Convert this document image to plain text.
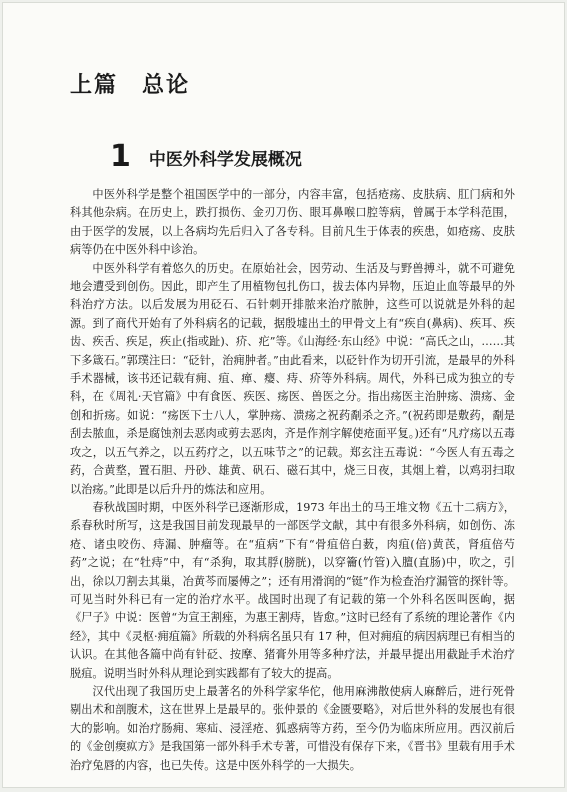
上篇　总论
1 中医外科学发展概况

中医外科学是整个祖国医学中的一部分，内容丰富，包括疮疡、皮肤病、肛门病和外科其他杂病。在历史上，跌打损伤、金刃刀伤、眼耳鼻喉口腔等病，曾属于本学科范围，由于医学的发展，以上各病均先后归入了各专科。目前凡生于体表的疾患，如疮疡、皮肤病等仍在中医外科中诊治。

中医外科学有着悠久的历史。在原始社会，因劳动、生活及与野兽搏斗，就不可避免地会遭受到创伤。因此，即产生了用植物包扎伤口，拔去体内异物，压迫止血等最早的外科治疗方法。以后发展为用砭石、石针刺开排脓来治疗脓肿，这些可以说就是外科的起源。到了商代开始有了外科病名的记载，据殷墟出土的甲骨文上有“疾自(鼻病)、疾耳、疾齿、疾舌、疾足，疾止(指或趾)、疥、疕”等。《山海经·东山经》中说：“高氏之山，……其下多箴石。”郭璞注曰：“砭针，治痈肿者。”由此看来，以砭针作为切开引流，是最早的外科手术器械，该书还记载有痈、疽、瘅、瘿、痔、疥等外科病。周代，外科已成为独立的专科，在《周礼·天官篇》中有食医、疾医、疡医、兽医之分。指出疡医主治肿疡、溃疡、金创和折疡。如说：“疡医下士八人，掌肿疡、溃疡之祝药劀杀之齐。”(祝药即是敷药，劀是刮去脓血，杀是腐蚀剂去恶肉或剪去恶肉，齐是作剂字解使疮面平复。)还有“凡疗疡以五毒攻之，以五气养之，以五药疗之，以五味节之”的记载。郑玄注五毒说：“今医人有五毒之药，合黄堥，置石胆、丹砂、雄黄、矾石、磁石其中，烧三日夜，其烟上着，以鸡羽扫取以治疡。”此即是以后升丹的炼法和应用。

春秋战国时期，中医外科学已逐渐形成，1973 年出土的马王堆文物《五十二病方》，系春秋时所写，这是我国目前发现最早的一部医学文献，其中有很多外科病，如创伤、冻疮、诸虫咬伤、痔漏、肿瘤等。在“疽病”下有“骨疽倍白薮，肉疽(倍)黄芪，肾疽倍芍药”之说；在“牡痔”中，有“杀狗，取其脬(膀胱)，以穿籥(竹管)入膻(直肠)中，吹之，引出，徐以刀割去其巢，冶黄芩而屡傅之”；还有用滑润的“铤”作为检查治疗漏管的探针等。可见当时外科已有一定的治疗水平。战国时出现了有记载的第一个外科名医叫医岣，据《尸子》中说：医曾“为宣王割痤，为惠王割痔，皆愈。”这时已经有了系统的理论著作《内经》，其中《灵枢·痈疽篇》所载的外科病名虽只有 17 种，但对痈疽的病因病理已有相当的认识。在其他各篇中尚有针砭、按摩、猪膏外用等多种疗法，并最早提出用截趾手术治疗脱疽。说明当时外科从理论到实践都有了较大的提高。

汉代出现了我国历史上最著名的外科学家华佗，他用麻沸散使病人麻醉后，进行死骨剔出术和剖腹术，这在世界上是最早的。张仲景的《金匮要略》，对后世外科的发展也有很大的影响。如治疗肠痈、寒疝、浸淫疮、狐惑病等方药，至今仍为临床所应用。西汉前后的《金创瘈疭方》是我国第一部外科手术专著，可惜没有保存下来，《晋书》里载有用手术治疗兔唇的内容，也已失传。这是中医外科学的一大损失。
